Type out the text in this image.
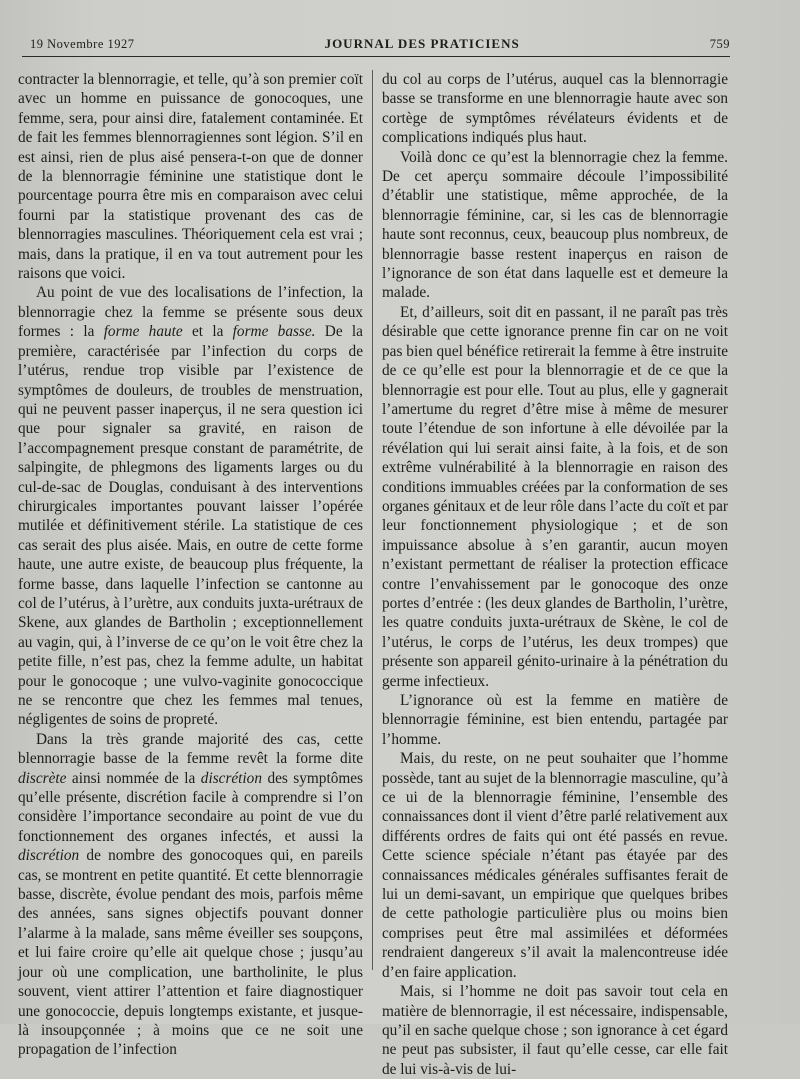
19 Novembre 1927	JOURNAL DES PRATICIENS	759

contracter la blennorragie, et telle, qu’à son premier coït avec un homme en puissance de gonocoques, une femme, sera, pour ainsi dire, fatalement contaminée. Et de fait les femmes blennorragiennes sont légion. S’il en est ainsi, rien de plus aisé pensera-t-on que de donner de la blennorragie féminine une statistique dont le pourcentage pourra être mis en comparaison avec celui fourni par la statistique provenant des cas de blennorragies masculines. Théoriquement cela est vrai ; mais, dans la pratique, il en va tout autrement pour les raisons que voici.

Au point de vue des localisations de l’infection, la blennorragie chez la femme se présente sous deux formes : la forme haute et la forme basse. De la première, caractérisée par l’infection du corps de l’utérus, rendue trop visible par l’existence de symptômes de douleurs, de troubles de menstruation, qui ne peuvent passer inaperçus, il ne sera question ici que pour signaler sa gravité, en raison de l’accompagnement presque constant de paramétrite, de salpingite, de phlegmons des ligaments larges ou du cul-de-sac de Douglas, conduisant à des interventions chirurgicales importantes pouvant laisser l’opérée mutilée et définitivement stérile. La statistique de ces cas serait des plus aisée. Mais, en outre de cette forme haute, une autre existe, de beaucoup plus fréquente, la forme basse, dans laquelle l’infection se cantonne au col de l’utérus, à l’urètre, aux conduits juxta-urétraux de Skene, aux glandes de Bartholin ; exceptionnellement au vagin, qui, à l’inverse de ce qu’on le voit être chez la petite fille, n’est pas, chez la femme adulte, un habitat pour le gonocoque ; une vulvo-vaginite gonococcique ne se rencontre que chez les femmes mal tenues, négligentes de soins de propreté.

Dans la très grande majorité des cas, cette blennorragie basse de la femme revêt la forme dite discrète ainsi nommée de la discrétion des symptômes qu’elle présente, discrétion facile à comprendre si l’on considère l’importance secondaire au point de vue du fonctionnement des organes infectés, et aussi la discrétion de nombre des gonocoques qui, en pareils cas, se montrent en petite quantité. Et cette blennorragie basse, discrète, évolue pendant des mois, parfois même des années, sans signes objectifs pouvant donner l’alarme à la malade, sans même éveiller ses soupçons, et lui faire croire qu’elle ait quelque chose ; jusqu’au jour où une complication, une bartholinite, le plus souvent, vient attirer l’attention et faire diagnostiquer une gonococcie, depuis longtemps existante, et jusque-là insoupçonnée ; à moins que ce ne soit une propagation de l’infection

du col au corps de l’utérus, auquel cas la blennorragie basse se transforme en une blennorragie haute avec son cortège de symptômes révélateurs évidents et de complications indiqués plus haut.

Voilà donc ce qu’est la blennorragie chez la femme. De cet aperçu sommaire découle l’impossibilité d’établir une statistique, même approchée, de la blennorragie féminine, car, si les cas de blennorragie haute sont reconnus, ceux, beaucoup plus nombreux, de blennorragie basse restent inaperçus en raison de l’ignorance de son état dans laquelle est et demeure la malade.

Et, d’ailleurs, soit dit en passant, il ne paraît pas très désirable que cette ignorance prenne fin car on ne voit pas bien quel bénéfice retirerait la femme à être instruite de ce qu’elle est pour la blennorragie et de ce que la blennorragie est pour elle. Tout au plus, elle y gagnerait l’amertume du regret d’être mise à même de mesurer toute l’étendue de son infortune à elle dévoilée par la révélation qui lui serait ainsi faite, à la fois, et de son extrême vulnérabilité à la blennorragie en raison des conditions immuables créées par la conformation de ses organes génitaux et de leur rôle dans l’acte du coït et par leur fonctionnement physiologique ; et de son impuissance absolue à s’en garantir, aucun moyen n’existant permettant de réaliser la protection efficace contre l’envahissement par le gonocoque des onze portes d’entrée : (les deux glandes de Bartholin, l’urètre, les quatre conduits juxta-urétraux de Skène, le col de l’utérus, le corps de l’utérus, les deux trompes) que présente son appareil génito-urinaire à la pénétration du germe infectieux.

L’ignorance où est la femme en matière de blennorragie féminine, est bien entendu, partagée par l’homme.

Mais, du reste, on ne peut souhaiter que l’homme possède, tant au sujet de la blennorragie masculine, qu’à ce ui de la blennorragie féminine, l’ensemble des connaissances dont il vient d’être parlé relativement aux différents ordres de faits qui ont été passés en revue. Cette science spéciale n’étant pas étayée par des connaissances médicales générales suffisantes ferait de lui un demi-savant, un empirique que quelques bribes de cette pathologie particulière plus ou moins bien comprises peut être mal assimilées et déformées rendraient dangereux s’il avait la malencontreuse idée d’en faire application.

Mais, si l’homme ne doit pas savoir tout cela en matière de blennorragie, il est nécessaire, indispensable, qu’il en sache quelque chose ; son ignorance à cet égard ne peut pas subsister, il faut qu’elle cesse, car elle fait de lui vis-à-vis de lui-
